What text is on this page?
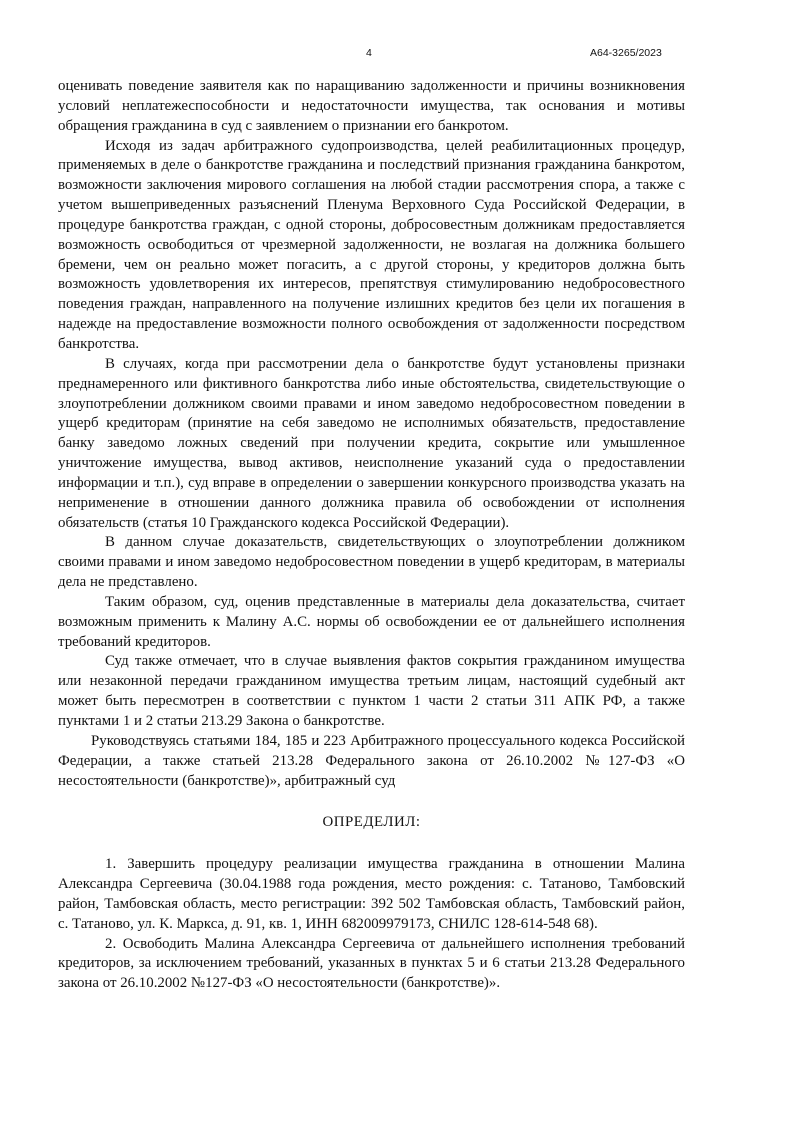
4	А64-3265/2023

оценивать поведение заявителя как по наращиванию задолженности и причины возникновения условий неплатежеспособности и недостаточности имущества, так основания и мотивы обращения гражданина в суд с заявлением о признании его банкротом.

Исходя из задач арбитражного судопроизводства, целей реабилитационных процедур, применяемых в деле о банкротстве гражданина и последствий признания гражданина банкротом, возможности заключения мирового соглашения на любой стадии рассмотрения спора, а также с учетом вышеприведенных разъяснений Пленума Верховного Суда Российской Федерации, в процедуре банкротства граждан, с одной стороны, добросовестным должникам предоставляется возможность освободиться от чрезмерной задолженности, не возлагая на должника большего бремени, чем он реально может погасить, а с другой стороны, у кредиторов должна быть возможность удовлетворения их интересов, препятствуя стимулированию недобросовестного поведения граждан, направленного на получение излишних кредитов без цели их погашения в надежде на предоставление возможности полного освобождения от задолженности посредством банкротства.

В случаях, когда при рассмотрении дела о банкротстве будут установлены признаки преднамеренного или фиктивного банкротства либо иные обстоятельства, свидетельствующие о злоупотреблении должником своими правами и ином заведомо недобросовестном поведении в ущерб кредиторам (принятие на себя заведомо не исполнимых обязательств, предоставление банку заведомо ложных сведений при получении кредита, сокрытие или умышленное уничтожение имущества, вывод активов, неисполнение указаний суда о предоставлении информации и т.п.), суд вправе в определении о завершении конкурсного производства указать на неприменение в отношении данного должника правила об освобождении от исполнения обязательств (статья 10 Гражданского кодекса Российской Федерации).

В данном случае доказательств, свидетельствующих о злоупотреблении должником своими правами и ином заведомо недобросовестном поведении в ущерб кредиторам, в материалы дела не представлено.

Таким образом, суд, оценив представленные в материалы дела доказательства, считает возможным применить к Малину А.С. нормы об освобождении ее от дальнейшего исполнения требований кредиторов.

Суд также отмечает, что в случае выявления фактов сокрытия гражданином имущества или незаконной передачи гражданином имущества третьим лицам, настоящий судебный акт может быть пересмотрен в соответствии с пунктом 1 части 2 статьи 311 АПК РФ, а также пунктами 1 и 2 статьи 213.29 Закона о банкротстве.

Руководствуясь статьями 184, 185 и 223 Арбитражного процессуального кодекса Российской Федерации, а также статьей 213.28 Федерального закона от 26.10.2002 №127-ФЗ «О несостоятельности (банкротстве)», арбитражный суд

ОПРЕДЕЛИЛ:

1. Завершить процедуру реализации имущества гражданина в отношении Малина Александра Сергеевича (30.04.1988 года рождения, место рождения: с. Татаново, Тамбовский район, Тамбовская область, место регистрации: 392 502 Тамбовская область, Тамбовский район, с. Татаново, ул. К. Маркса, д. 91, кв. 1, ИНН 682009979173, СНИЛС 128-614-548 68).

2. Освободить Малина Александра Сергеевича от дальнейшего исполнения требований кредиторов, за исключением требований, указанных в пунктах 5 и 6 статьи 213.28 Федерального закона от 26.10.2002 №127-ФЗ «О несостоятельности (банкротстве)».
